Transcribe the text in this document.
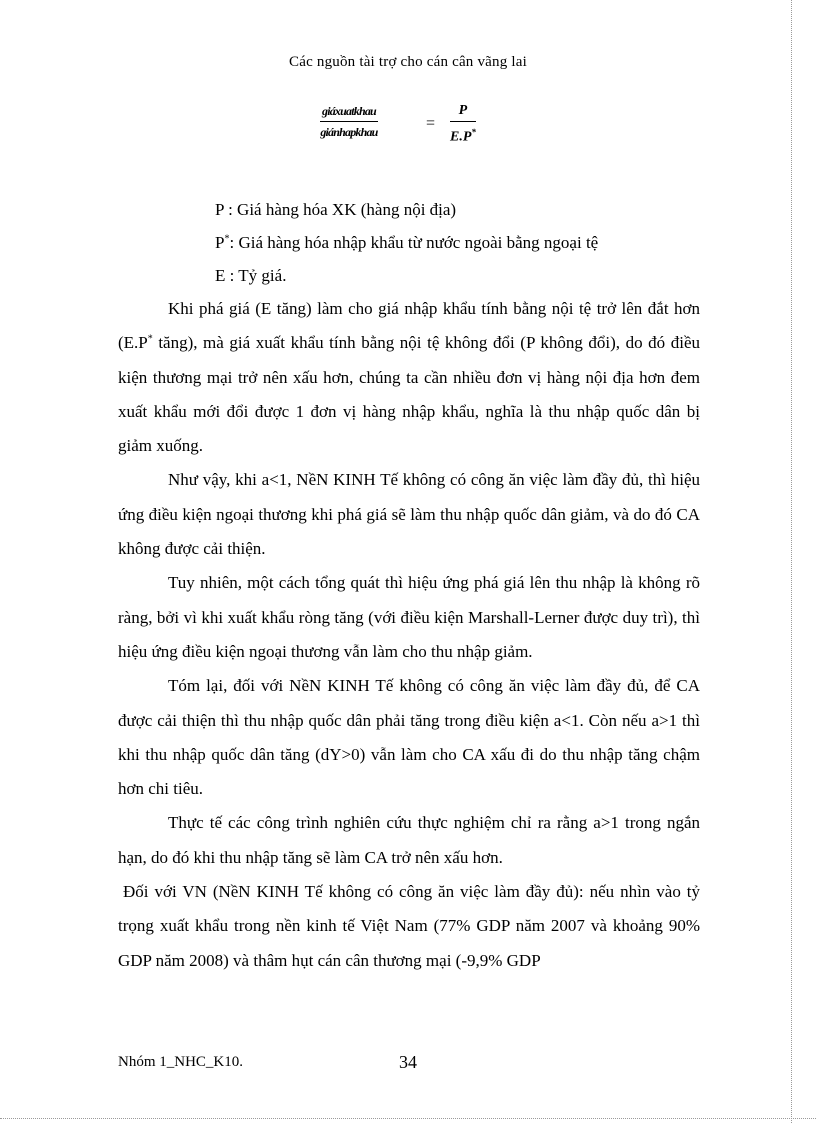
Các nguồn tài trợ cho cán cân vãng lai
giáxuatkhau
giánhapkhau	= $\frac{P}{E.P^*}$
P : Giá hàng hóa XK (hàng nội địa)
P*: Giá hàng hóa nhập khẩu từ nước ngoài bằng ngoại tệ
E : Tỷ giá.

Khi phá giá (E tăng) làm cho giá nhập khẩu tính bằng nội tệ trở lên đắt hơn (E.P* tăng), mà giá xuất khẩu tính bằng nội tệ không đổi (P không đổi), do đó điều kiện thương mại trở nên xấu hơn, chúng ta cần nhiều đơn vị hàng nội địa hơn đem xuất khẩu mới đổi được 1 đơn vị hàng nhập khẩu, nghĩa là thu nhập quốc dân bị giảm xuống.

Như vậy, khi a<1, NềN KINH Tế không có công ăn việc làm đầy đủ, thì hiệu ứng điều kiện ngoại thương khi phá giá sẽ làm thu nhập quốc dân giảm, và do đó CA không được cải thiện.

Tuy nhiên, một cách tổng quát thì hiệu ứng phá giá lên thu nhập là không rõ ràng, bởi vì khi xuất khẩu ròng tăng (với điều kiện Marshall-Lerner được duy trì), thì hiệu ứng điều kiện ngoại thương vẫn làm cho thu nhập giảm.

Tóm lại, đối với NềN KINH Tế không có công ăn việc làm đầy đủ, để CA được cải thiện thì thu nhập quốc dân phải tăng trong điều kiện a<1. Còn nếu a>1 thì khi thu nhập quốc dân tăng (dY>0) vẫn làm cho CA xấu đi do thu nhập tăng chậm hơn chi tiêu.

Thực tế các công trình nghiên cứu thực nghiệm chỉ ra rằng a>1 trong ngắn hạn, do đó khi thu nhập tăng sẽ làm CA trở nên xấu hơn.

Đối với VN (NềN KINH Tế không có công ăn việc làm đầy đủ): nếu nhìn vào tỷ trọng xuất khẩu trong nền kinh tế Việt Nam (77% GDP năm 2007 và khoảng 90% GDP năm 2008) và thâm hụt cán cân thương mại (-9,9% GDP

Nhóm 1_NHC_K10.	34
